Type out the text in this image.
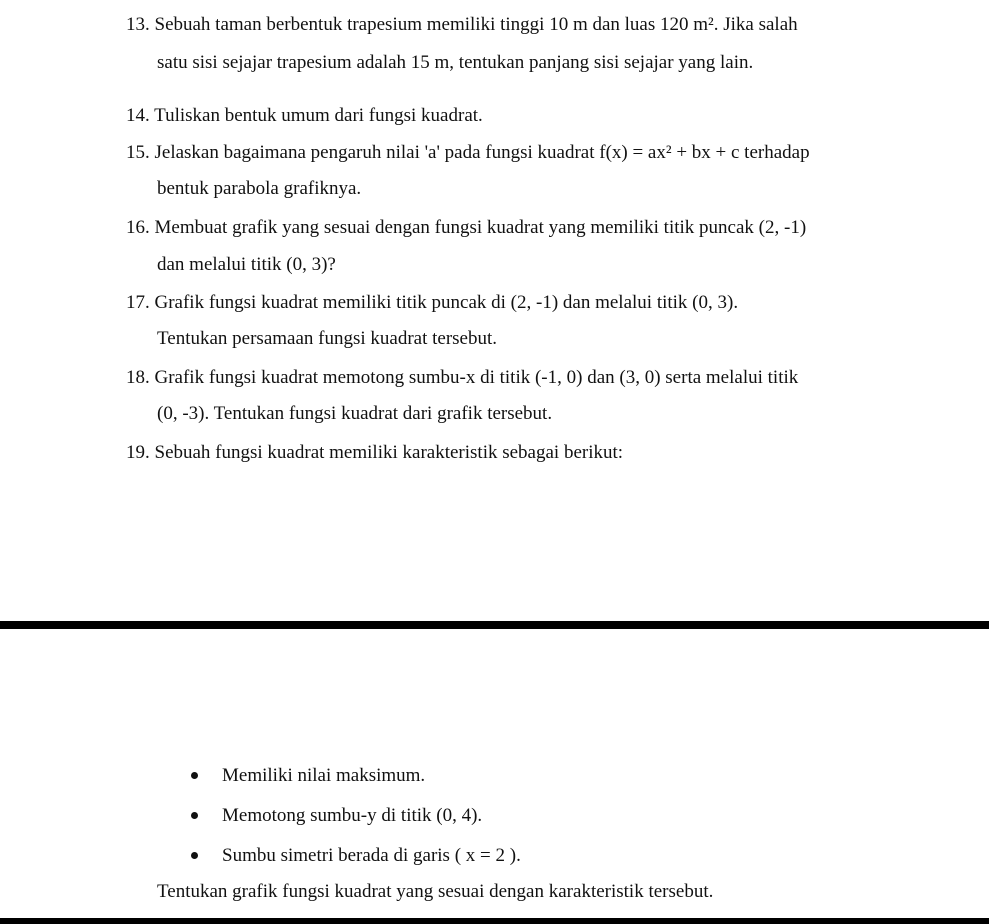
13. Sebuah taman berbentuk trapesium memiliki tinggi 10 m dan luas 120 m². Jika salah
satu sisi sejajar trapesium adalah 15 m, tentukan panjang sisi sejajar yang lain.
14. Tuliskan bentuk umum dari fungsi kuadrat.
15. Jelaskan bagaimana pengaruh nilai 'a' pada fungsi kuadrat f(x) = ax² + bx + c terhadap
bentuk parabola grafiknya.
16. Membuat grafik yang sesuai dengan fungsi kuadrat yang memiliki titik puncak (2, -1)
dan melalui titik (0, 3)?
17. Grafik fungsi kuadrat memiliki titik puncak di (2, -1) dan melalui titik (0, 3).
Tentukan persamaan fungsi kuadrat tersebut.
18. Grafik fungsi kuadrat memotong sumbu-x di titik (-1, 0) dan (3, 0) serta melalui titik
(0, -3). Tentukan fungsi kuadrat dari grafik tersebut.
19. Sebuah fungsi kuadrat memiliki karakteristik sebagai berikut:
Memiliki nilai maksimum.
Memotong sumbu-y di titik (0, 4).
Sumbu simetri berada di garis ( x = 2 ).
Tentukan grafik fungsi kuadrat yang sesuai dengan karakteristik tersebut.
